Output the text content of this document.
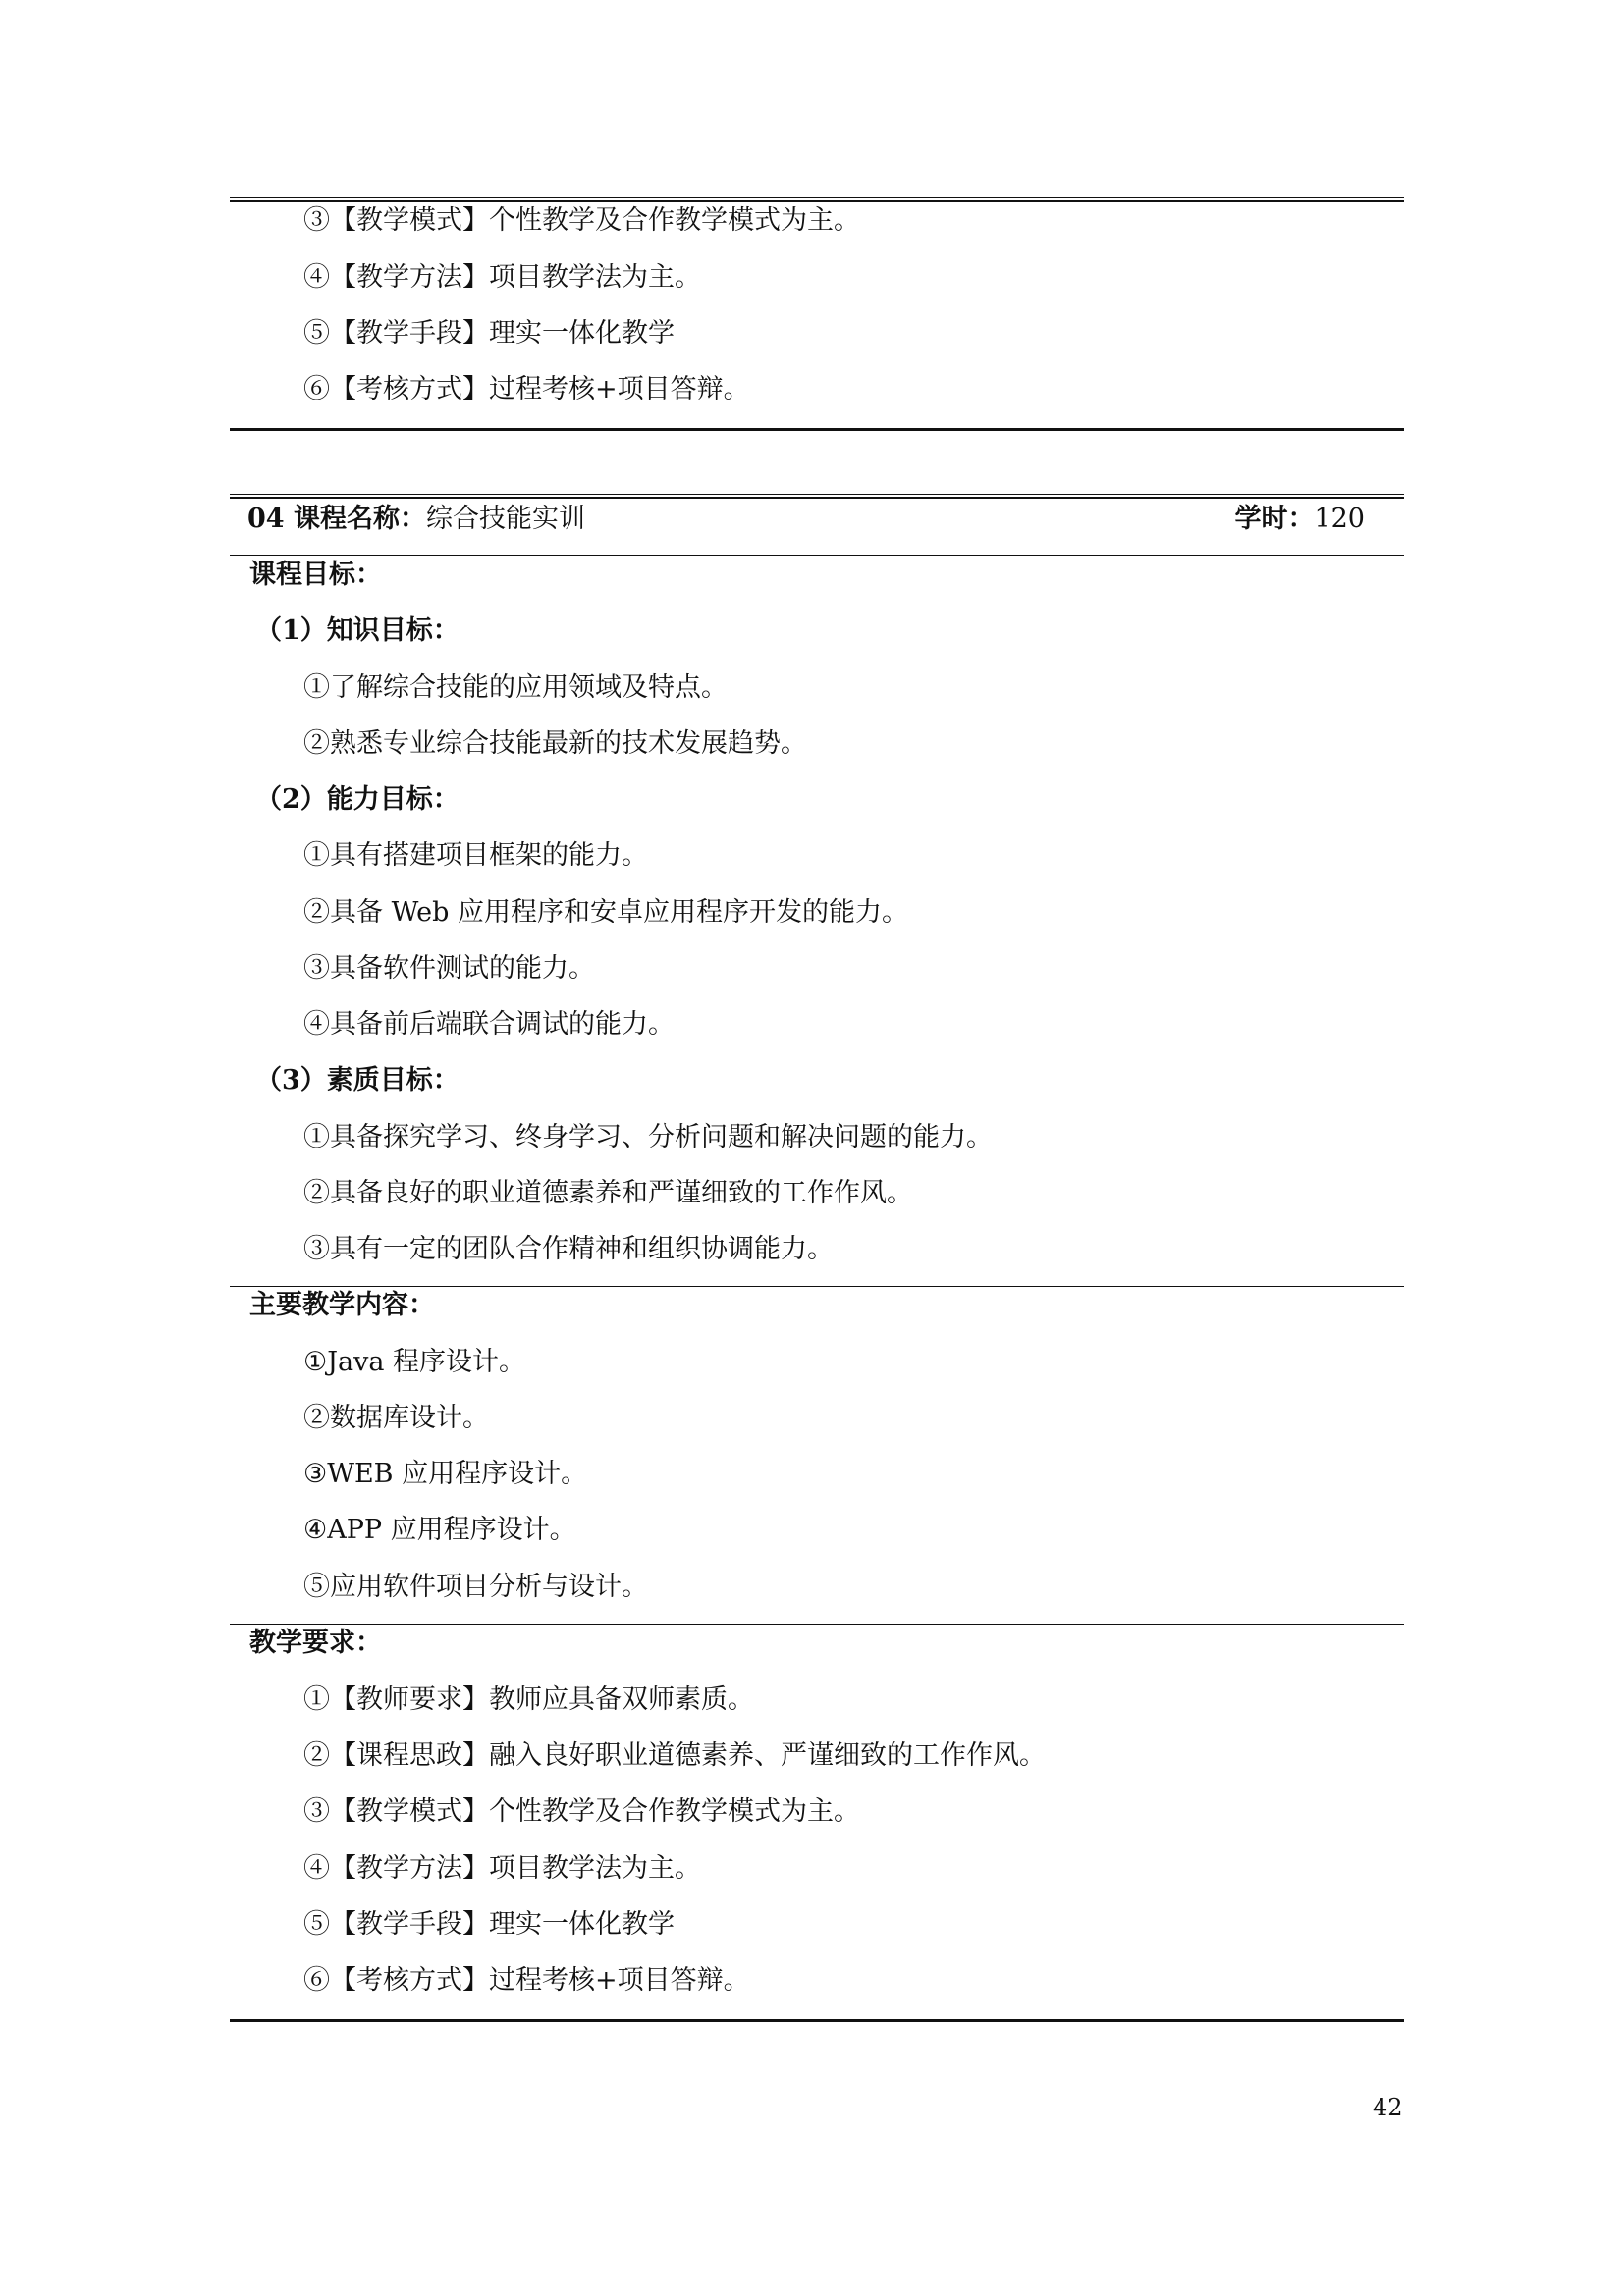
③【教学模式】个性教学及合作教学模式为主。
④【教学方法】项目教学法为主。
⑤【教学手段】理实一体化教学
⑥【考核方式】过程考核+项目答辩。
04 课程名称：综合技能实训	学时：120
课程目标：
（1）知识目标：
①了解综合技能的应用领域及特点。
②熟悉专业综合技能最新的技术发展趋势。
（2）能力目标：
①具有搭建项目框架的能力。
②具备 Web 应用程序和安卓应用程序开发的能力。
③具备软件测试的能力。
④具备前后端联合调试的能力。
（3）素质目标：
①具备探究学习、终身学习、分析问题和解决问题的能力。
②具备良好的职业道德素养和严谨细致的工作作风。
③具有一定的团队合作精神和组织协调能力。
主要教学内容：
①Java 程序设计。
②数据库设计。
③WEB 应用程序设计。
④APP 应用程序设计。
⑤应用软件项目分析与设计。
教学要求：
①【教师要求】教师应具备双师素质。
②【课程思政】融入良好职业道德素养、严谨细致的工作作风。
③【教学模式】个性教学及合作教学模式为主。
④【教学方法】项目教学法为主。
⑤【教学手段】理实一体化教学
⑥【考核方式】过程考核+项目答辩。
42
